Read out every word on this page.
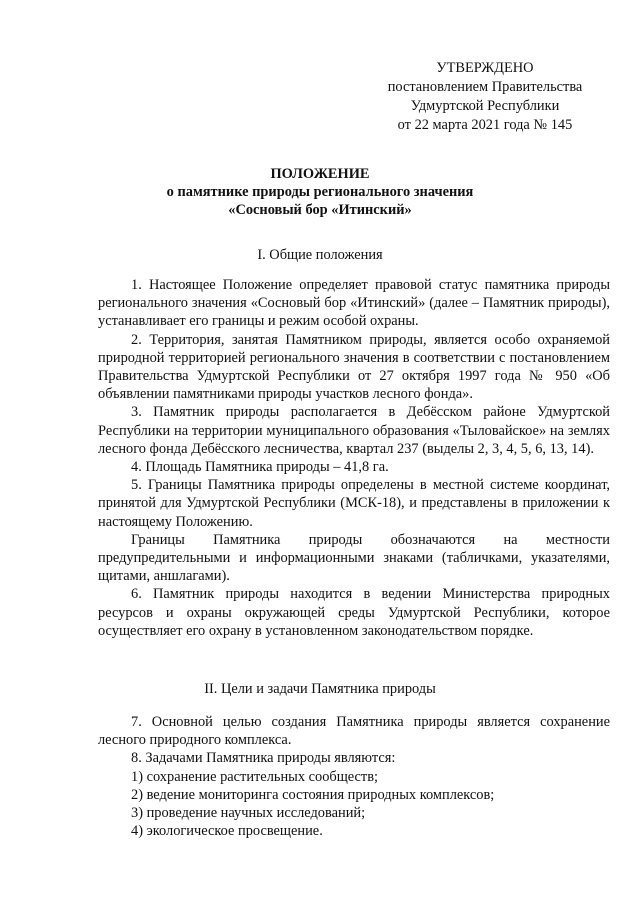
УТВЕРЖДЕНО
постановлением Правительства
Удмуртской Республики
от 22 марта 2021 года № 145
ПОЛОЖЕНИЕ
о памятнике природы регионального значения
«Сосновый бор «Итинский»
I. Общие положения

1. Настоящее Положение определяет правовой статус памятника природы регионального значения «Сосновый бор «Итинский» (далее – Памятник природы), устанавливает его границы и режим особой охраны.

2. Территория, занятая Памятником природы, является особо охраняемой природной территорией регионального значения в соответствии с постановлением Правительства Удмуртской Республики от 27 октября 1997 года № 950 «Об объявлении памятниками природы участков лесного фонда».

3. Памятник природы располагается в Дебёсском районе Удмуртской Республики на территории муниципального образования «Тыловайское» на землях лесного фонда Дебёсского лесничества, квартал 237 (выделы 2, 3, 4, 5, 6, 13, 14).

4. Площадь Памятника природы – 41,8 га.

5. Границы Памятника природы определены в местной системе координат, принятой для Удмуртской Республики (МСК-18), и представлены в приложении к настоящему Положению.

Границы Памятника природы обозначаются на местности предупредительными и информационными знаками (табличками, указателями, щитами, аншлагами).

6. Памятник природы находится в ведении Министерства природных ресурсов и охраны окружающей среды Удмуртской Республики, которое осуществляет его охрану в установленном законодательством порядке.

II. Цели и задачи Памятника природы

7. Основной целью создания Памятника природы является сохранение лесного природного комплекса.

8. Задачами Памятника природы являются:

1) сохранение растительных сообществ;

2) ведение мониторинга состояния природных комплексов;

3) проведение научных исследований;

4) экологическое просвещение.
